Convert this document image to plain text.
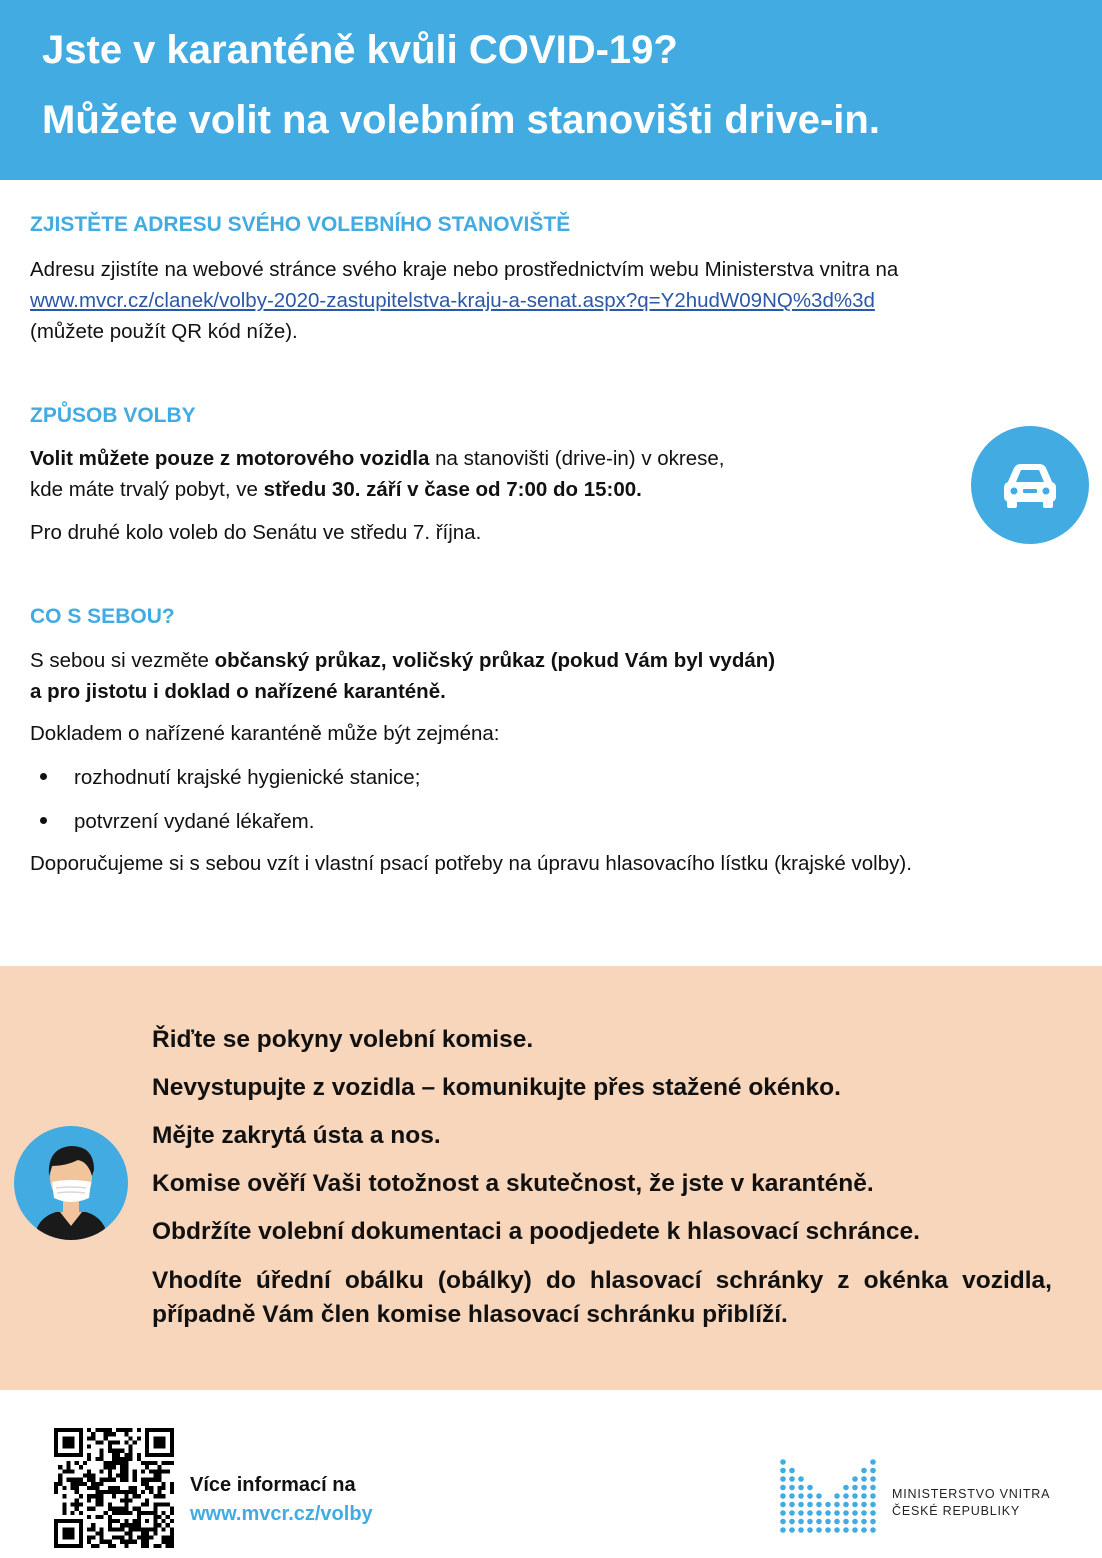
Jste v karanténě kvůli COVID-19?
Můžete volit na volebním stanovišti drive-in.
ZJISTĚTE ADRESU SVÉHO VOLEBNÍHO STANOVIŠTĚ
Adresu zjistíte na webové stránce svého kraje nebo prostřednictvím webu Ministerstva vnitra na
www.mvcr.cz/clanek/volby-2020-zastupitelstva-kraju-a-senat.aspx?q=Y2hudW09NQ%3d%3d
(můžete použít QR kód níže).
ZPŮSOB VOLBY
Volit můžete pouze z motorového vozidla na stanovišti (drive-in) v okrese,
kde máte trvalý pobyt, ve středu 30. září v čase od 7:00 do 15:00.
Pro druhé kolo voleb do Senátu ve středu 7. října.
CO S SEBOU?
S sebou si vezměte občanský průkaz, voličský průkaz (pokud Vám byl vydán)
a pro jistotu i doklad o nařízené karanténě.
Dokladem o nařízené karanténě může být zejména:
rozhodnutí krajské hygienické stanice;
potvrzení vydané lékařem.
Doporučujeme si s sebou vzít i vlastní psací potřeby na úpravu hlasovacího lístku (krajské volby).
Řiďte se pokyny volební komise.
Nevystupujte z vozidla – komunikujte přes stažené okénko.
Mějte zakrytá ústa a nos.
Komise ověří Vaši totožnost a skutečnost, že jste v karanténě.
Obdržíte volební dokumentaci a poodjedete k hlasovací schránce.
Vhodíte úřední obálku (obálky) do hlasovací schránky z okénka vozidla, případně Vám člen komise hlasovací schránku přiblíží.
Více informací na
www.mvcr.cz/volby
MINISTERSTVO VNITRA
ČESKÉ REPUBLIKY
